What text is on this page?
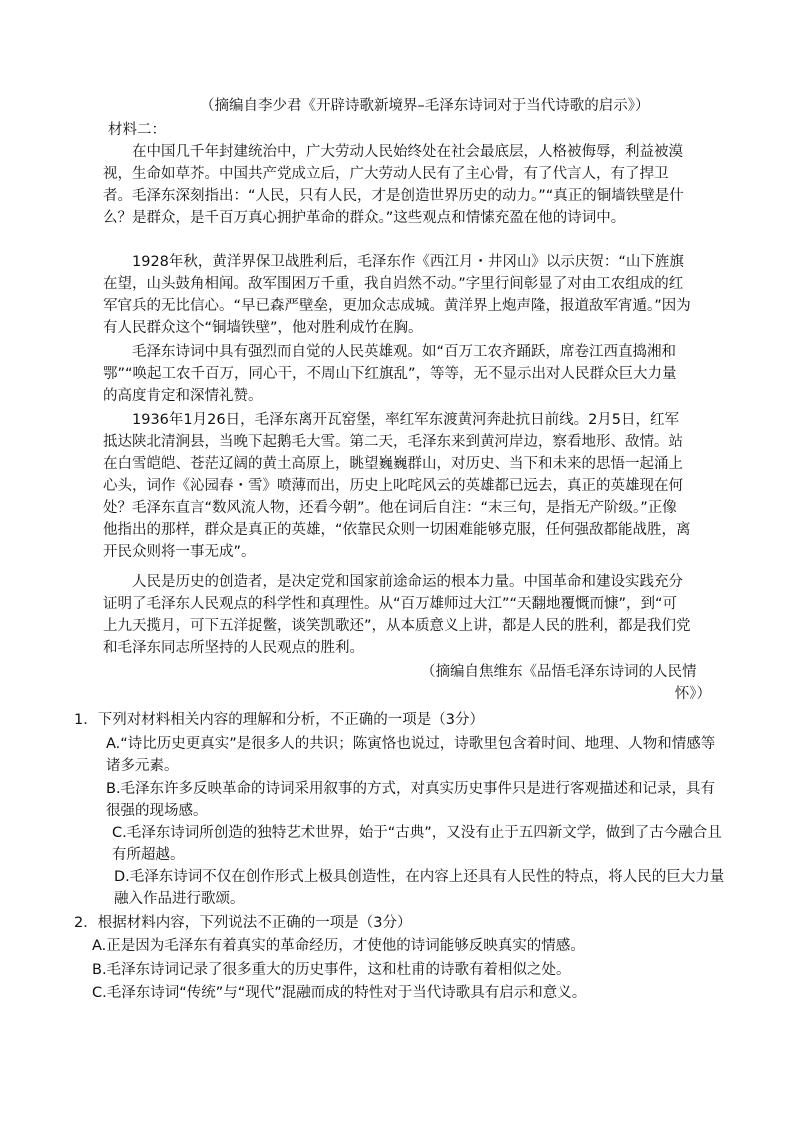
（摘编自李少君《开辟诗歌新境界–毛泽东诗词对于当代诗歌的启示》）
材料二：
在中国几千年封建统治中，广大劳动人民始终处在社会最底层，人格被侮辱，利益被漠视，生命如草芥。中国共产党成立后，广大劳动人民有了主心骨，有了代言人，有了捍卫者。毛泽东深刻指出：“人民，只有人民，才是创造世界历史的动力。”“真正的铜墙铁壁是什么？是群众，是千百万真心拥护革命的群众。”这些观点和情愫充盈在他的诗词中。
1928年秋，黄洋界保卫战胜利后，毛泽东作《西江月・井冈山》以示庆贺：“山下旌旗在望，山头鼓角相闻。敌军围困万千重，我自岿然不动。”字里行间彰显了对由工农组成的红军官兵的无比信心。“早已森严壁垒，更加众志成城。黄洋界上炮声隆，报道敌军宵遁。”因为有人民群众这个“铜墙铁壁”，他对胜利成竹在胸。
毛泽东诗词中具有强烈而自觉的人民英雄观。如“百万工农齐踊跃，席卷江西直捣湘和鄂”“唤起工农千百万，同心干，不周山下红旗乱”，等等，无不显示出对人民群众巨大力量的高度肯定和深情礼赞。
1936年1月26日，毛泽东离开瓦窑堡，率红军东渡黄河奔赴抗日前线。2月5日，红军抵达陕北清涧县，当晚下起鹅毛大雪。第二天，毛泽东来到黄河岸边，察看地形、敌情。站在白雪皑皑、苍茫辽阔的黄土高原上，眺望巍巍群山，对历史、当下和未来的思悟一起涌上心头，词作《沁园春・雪》喷薄而出，历史上叱咤风云的英雄都已远去，真正的英雄现在何处？毛泽东直言“数风流人物，还看今朝”。他在词后自注：“末三句，是指无产阶级。”正像他指出的那样，群众是真正的英雄，“依靠民众则一切困难能够克服，任何强敌都能战胜，离开民众则将一事无成”。
人民是历史的创造者，是决定党和国家前途命运的根本力量。中国革命和建设实践充分证明了毛泽东人民观点的科学性和真理性。从“百万雄师过大江”“天翻地覆慨而慷”，到“可上九天揽月，可下五洋捉鳖，谈笑凯歌还”，从本质意义上讲，都是人民的胜利，都是我们党和毛泽东同志所坚持的人民观点的胜利。
（摘编自焦维东《品悟毛泽东诗词的人民情
怀》）
1．下列对材料相关内容的理解和分析，不正确的一项是（3分）
A.“诗比历史更真实”是很多人的共识；陈寅恪也说过，诗歌里包含着时间、地理、人物和情感等诸多元素。
B.毛泽东许多反映革命的诗词采用叙事的方式，对真实历史事件只是进行客观描述和记录，具有很强的现场感。
C.毛泽东诗词所创造的独特艺术世界，始于“古典”，又没有止于五四新文学，做到了古今融合且有所超越。
D.毛泽东诗词不仅在创作形式上极具创造性，在内容上还具有人民性的特点，将人民的巨大力量融入作品进行歌颂。
2．根据材料内容，下列说法不正确的一项是（3分）
A.正是因为毛泽东有着真实的革命经历，才使他的诗词能够反映真实的情感。
B.毛泽东诗词记录了很多重大的历史事件，这和杜甫的诗歌有着相似之处。
C.毛泽东诗词“传统”与“现代”混融而成的特性对于当代诗歌具有启示和意义。
